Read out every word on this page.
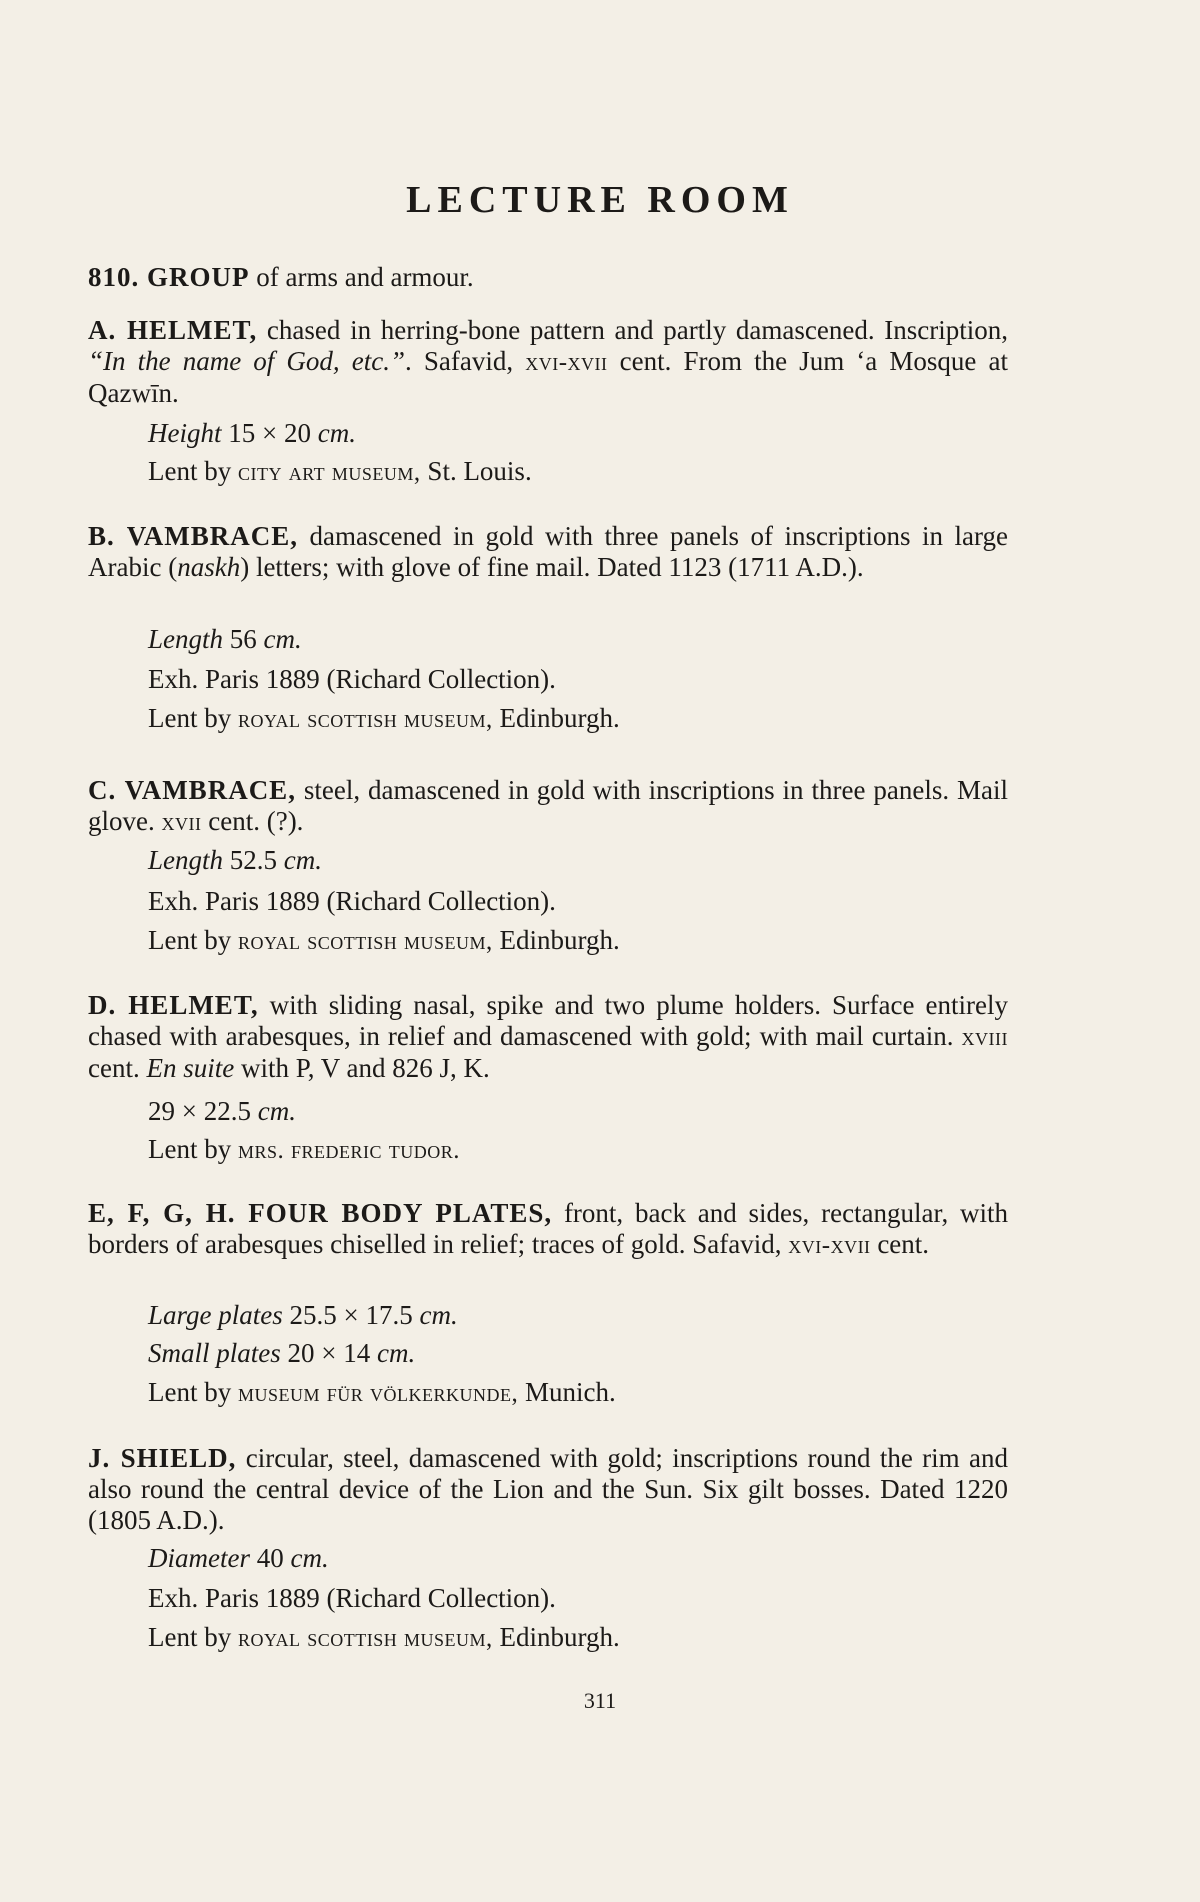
LECTURE ROOM
810. GROUP of arms and armour.
A. HELMET, chased in herring-bone pattern and partly damascened. Inscription, “In the name of God, etc.”. Safavid, xvi-xvii cent. From the Jum ‘a Mosque at Qazwīn.
Height 15 × 20 cm.
Lent by city art museum, St. Louis.
B. VAMBRACE, damascened in gold with three panels of inscriptions in large Arabic (naskh) letters; with glove of fine mail. Dated 1123 (1711 A.D.).
Length 56 cm.
Exh. Paris 1889 (Richard Collection).
Lent by royal scottish museum, Edinburgh.
C. VAMBRACE, steel, damascened in gold with inscriptions in three panels. Mail glove. xvii cent. (?).
Length 52.5 cm.
Exh. Paris 1889 (Richard Collection).
Lent by royal scottish museum, Edinburgh.
D. HELMET, with sliding nasal, spike and two plume holders. Surface entirely chased with arabesques, in relief and damascened with gold; with mail curtain. xviii cent. En suite with P, V and 826 J, K.
29 × 22.5 cm.
Lent by mrs. frederic tudor.
E, F, G, H. FOUR BODY PLATES, front, back and sides, rectangular, with borders of arabesques chiselled in relief; traces of gold. Safavid, xvi-xvii cent.
Large plates 25.5 × 17.5 cm.
Small plates 20 × 14 cm.
Lent by museum für völkerkunde, Munich.
J. SHIELD, circular, steel, damascened with gold; inscriptions round the rim and also round the central device of the Lion and the Sun. Six gilt bosses. Dated 1220 (1805 A.D.).
Diameter 40 cm.
Exh. Paris 1889 (Richard Collection).
Lent by royal scottish museum, Edinburgh.
311
